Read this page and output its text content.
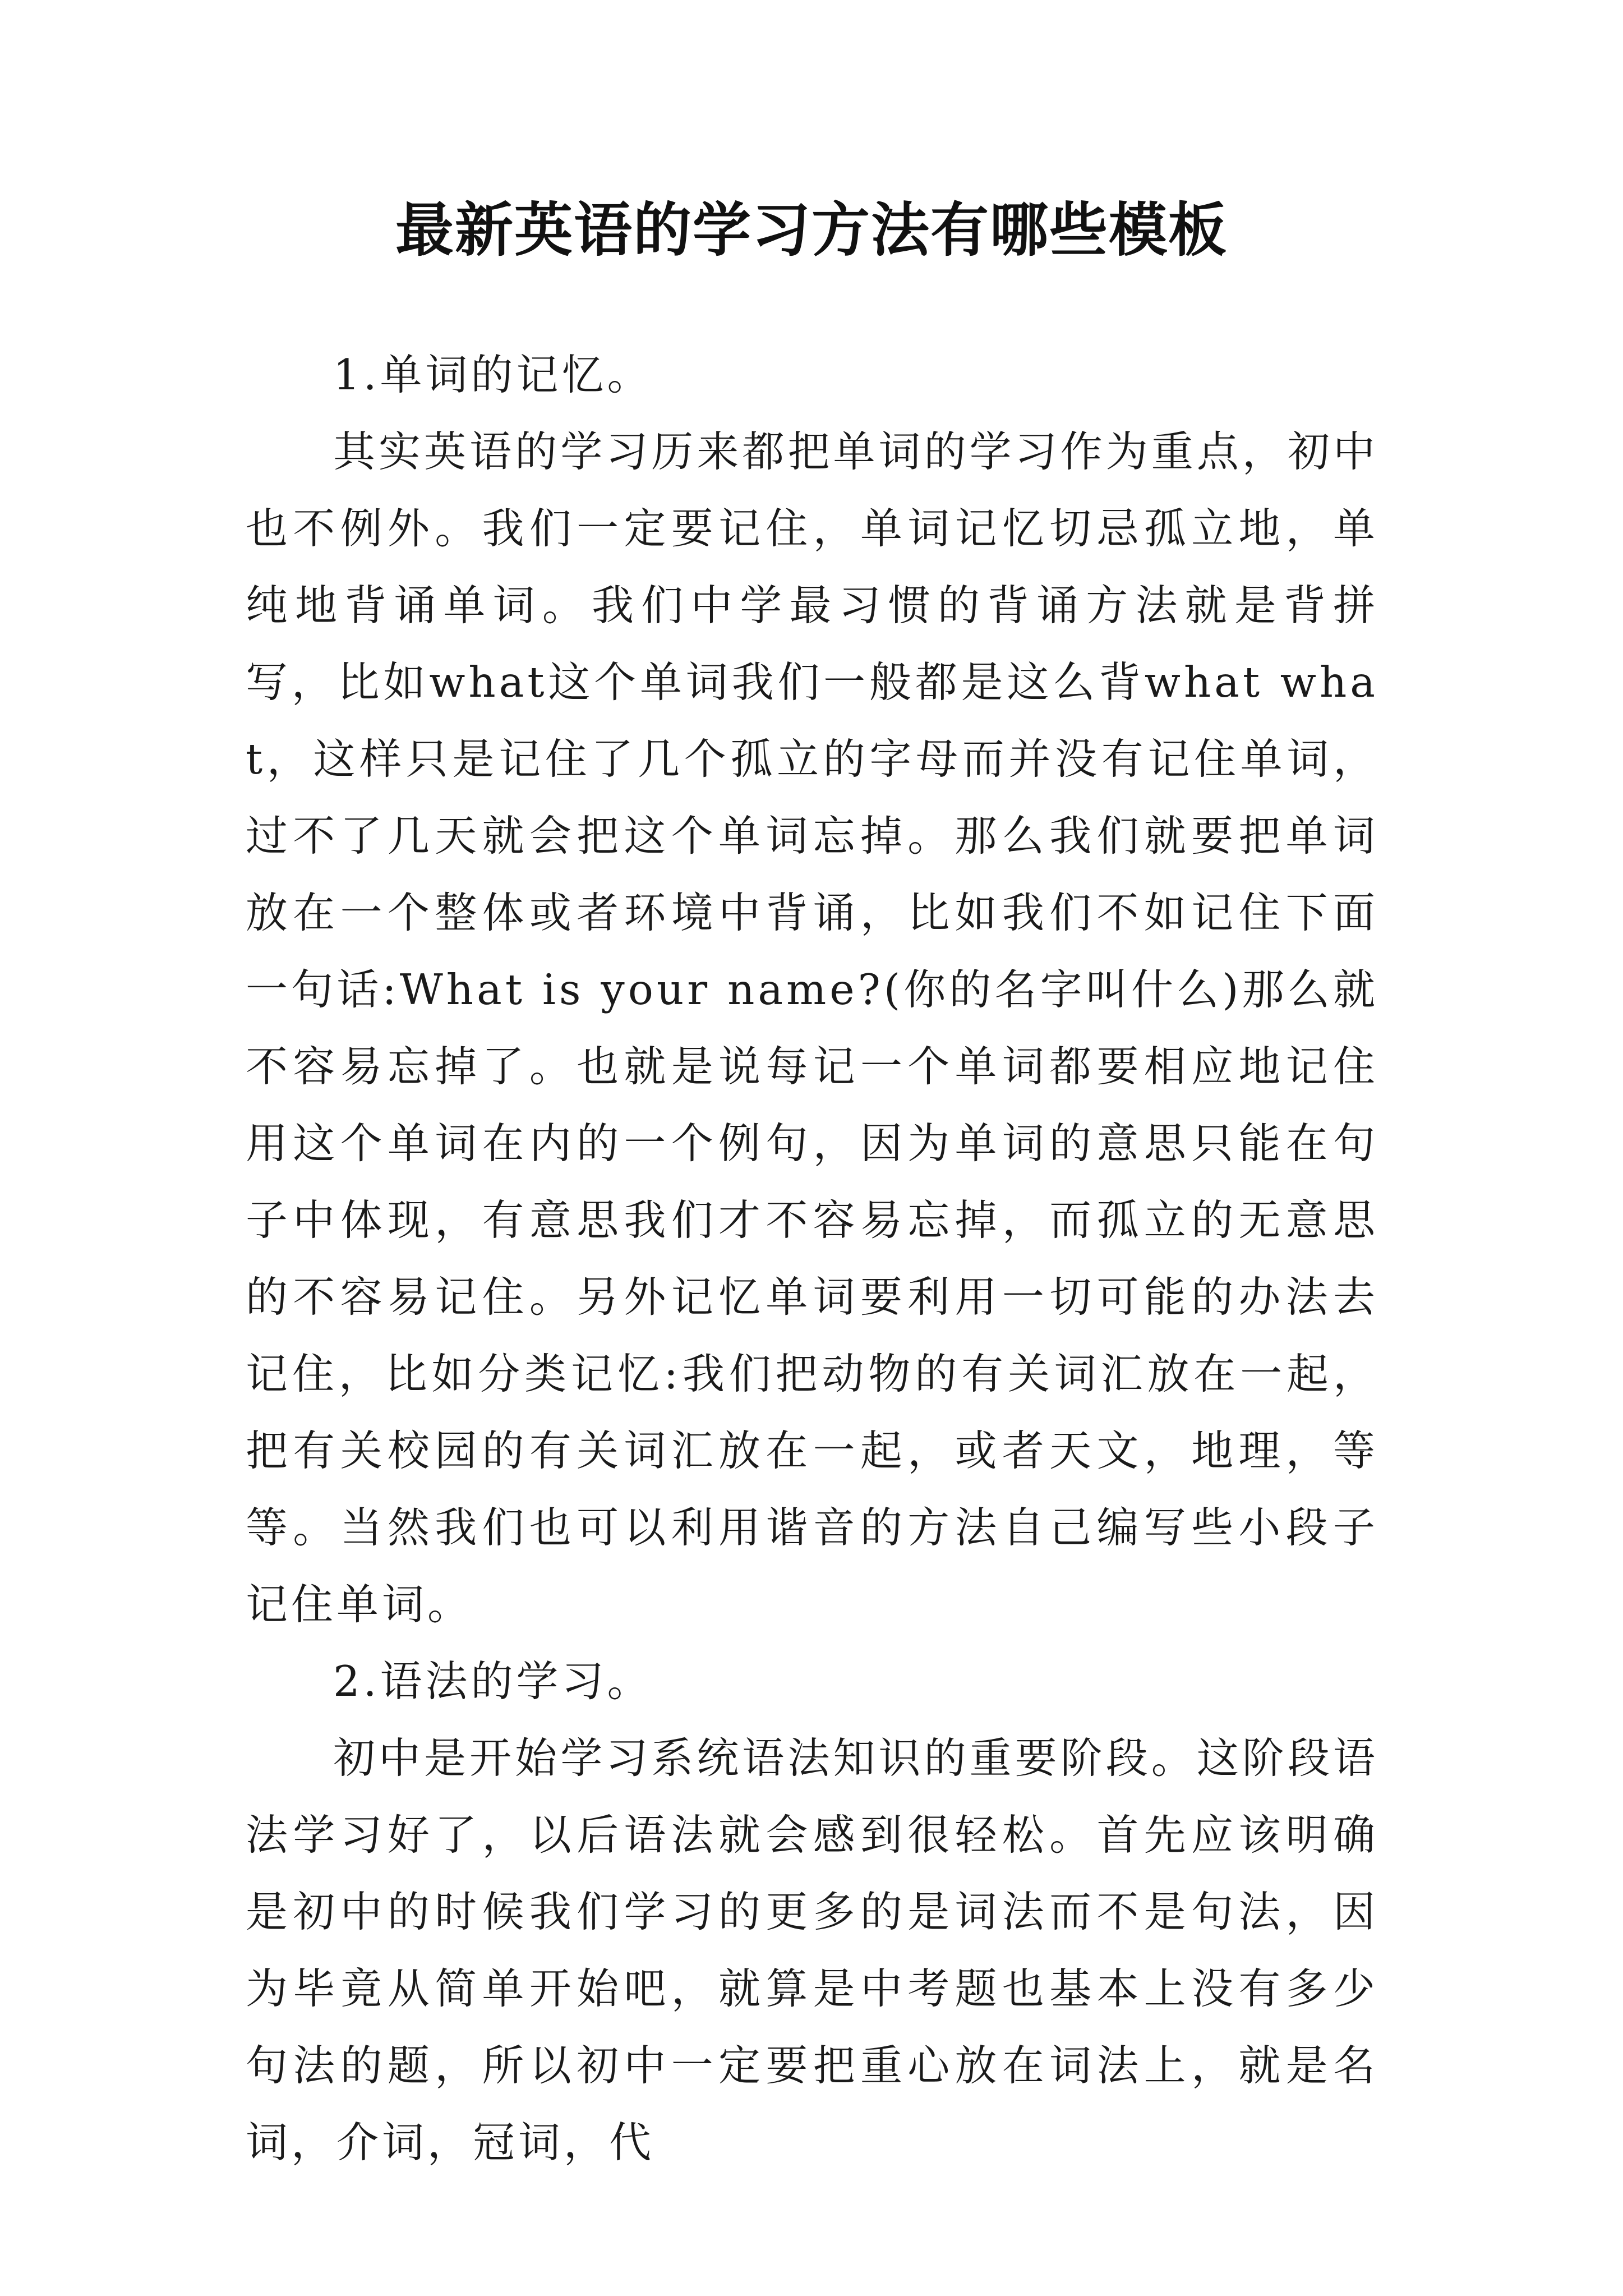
最新英语的学习方法有哪些模板

1.单词的记忆。

其实英语的学习历来都把单词的学习作为重点，初中也不例外。我们一定要记住，单词记忆切忌孤立地，单纯地背诵单词。我们中学最习惯的背诵方法就是背拼写，比如what这个单词我们一般都是这么背what what，这样只是记住了几个孤立的字母而并没有记住单词，过不了几天就会把这个单词忘掉。那么我们就要把单词放在一个整体或者环境中背诵，比如我们不如记住下面一句话:What is your name?(你的名字叫什么)那么就不容易忘掉了。也就是说每记一个单词都要相应地记住用这个单词在内的一个例句，因为单词的意思只能在句子中体现，有意思我们才不容易忘掉，而孤立的无意思的不容易记住。另外记忆单词要利用一切可能的办法去记住，比如分类记忆:我们把动物的有关词汇放在一起，把有关校园的有关词汇放在一起，或者天文，地理，等等。当然我们也可以利用谐音的方法自己编写些小段子记住单词。

2.语法的学习。

初中是开始学习系统语法知识的重要阶段。这阶段语法学习好了，以后语法就会感到很轻松。首先应该明确是初中的时候我们学习的更多的是词法而不是句法，因为毕竟从简单开始吧，就算是中考题也基本上没有多少句法的题，所以初中一定要把重心放在词法上，就是名词，介词，冠词，代
